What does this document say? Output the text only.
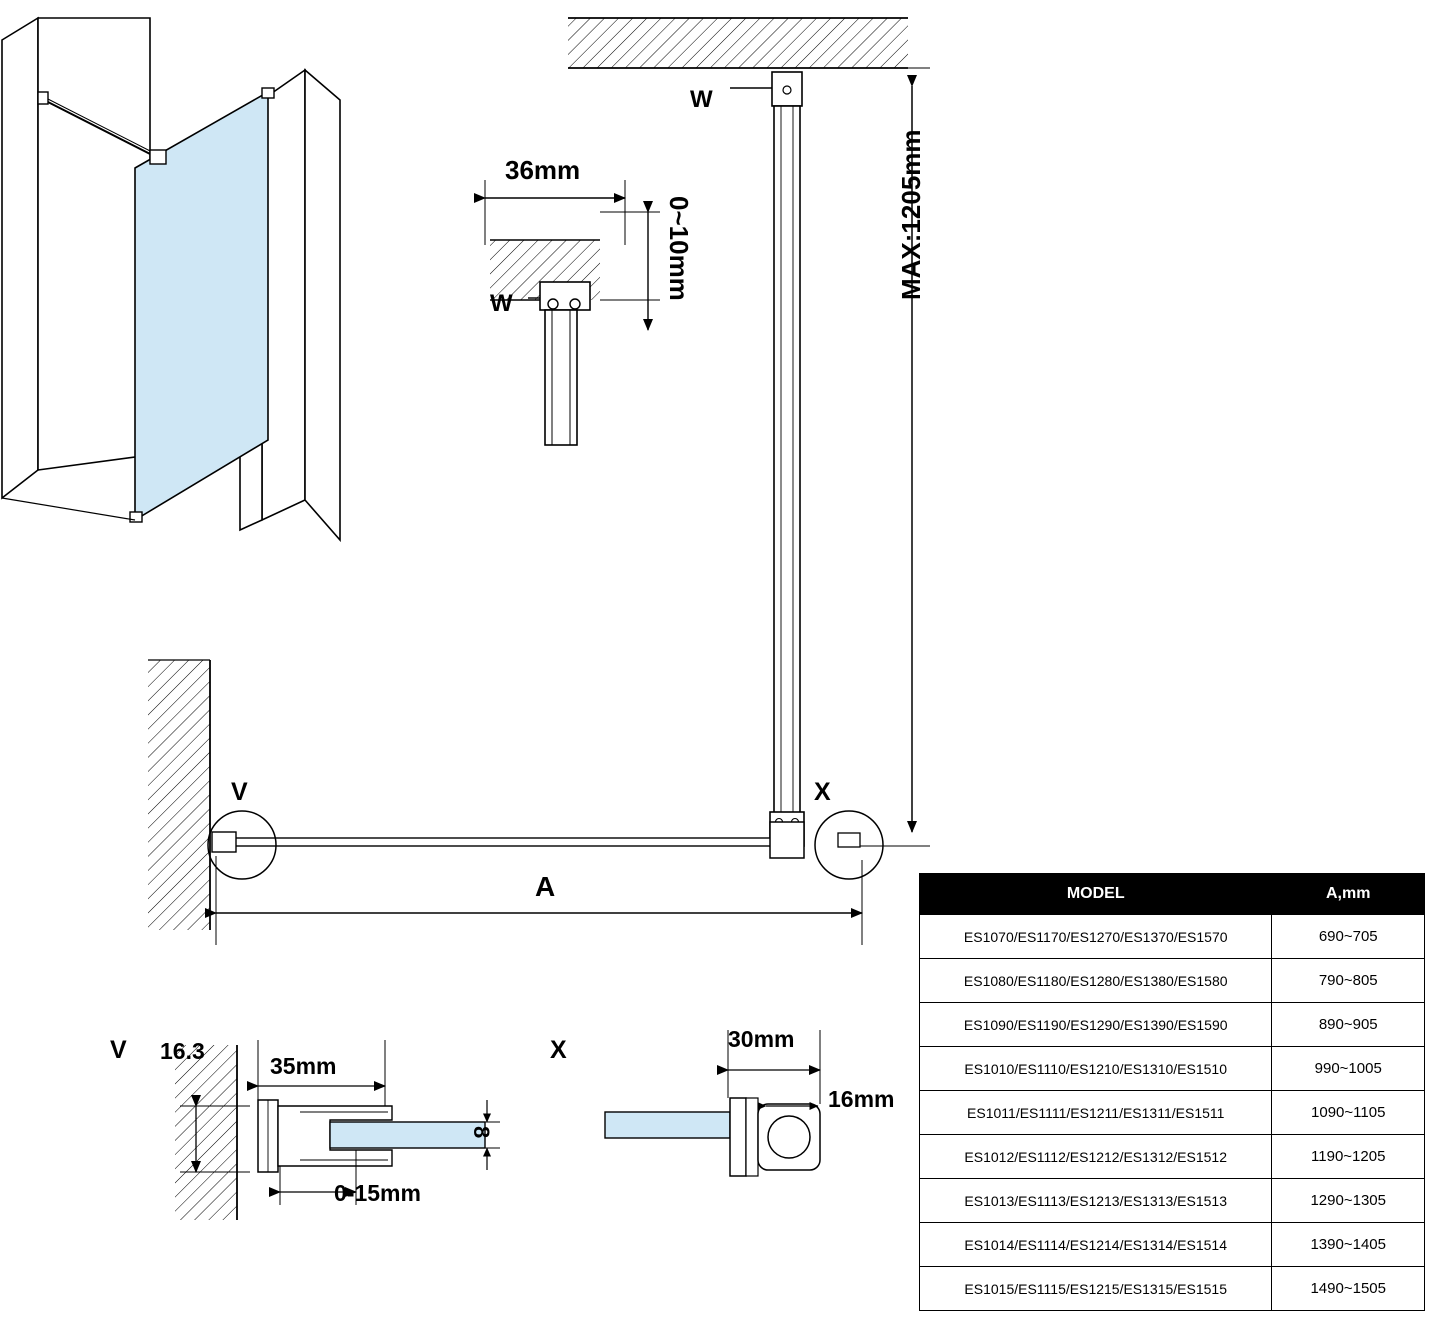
W
W
36mm
0~10mm	MAX:1205mm
V	X
A
V 16.3
35mm
0-15mm
8
X	30mm
16mm
MODEL	A,mm
ES1070/ES1170/ES1270/ES1370/ES1570	690~705
ES1080/ES1180/ES1280/ES1380/ES1580	790~805
ES1090/ES1190/ES1290/ES1390/ES1590	890~905
ES1010/ES1110/ES1210/ES1310/ES1510	990~1005
ES1011/ES1111/ES1211/ES1311/ES1511	1090~1105
ES1012/ES1112/ES1212/ES1312/ES1512	1190~1205
ES1013/ES1113/ES1213/ES1313/ES1513	1290~1305
ES1014/ES1114/ES1214/ES1314/ES1514	1390~1405
ES1015/ES1115/ES1215/ES1315/ES1515	1490~1505
